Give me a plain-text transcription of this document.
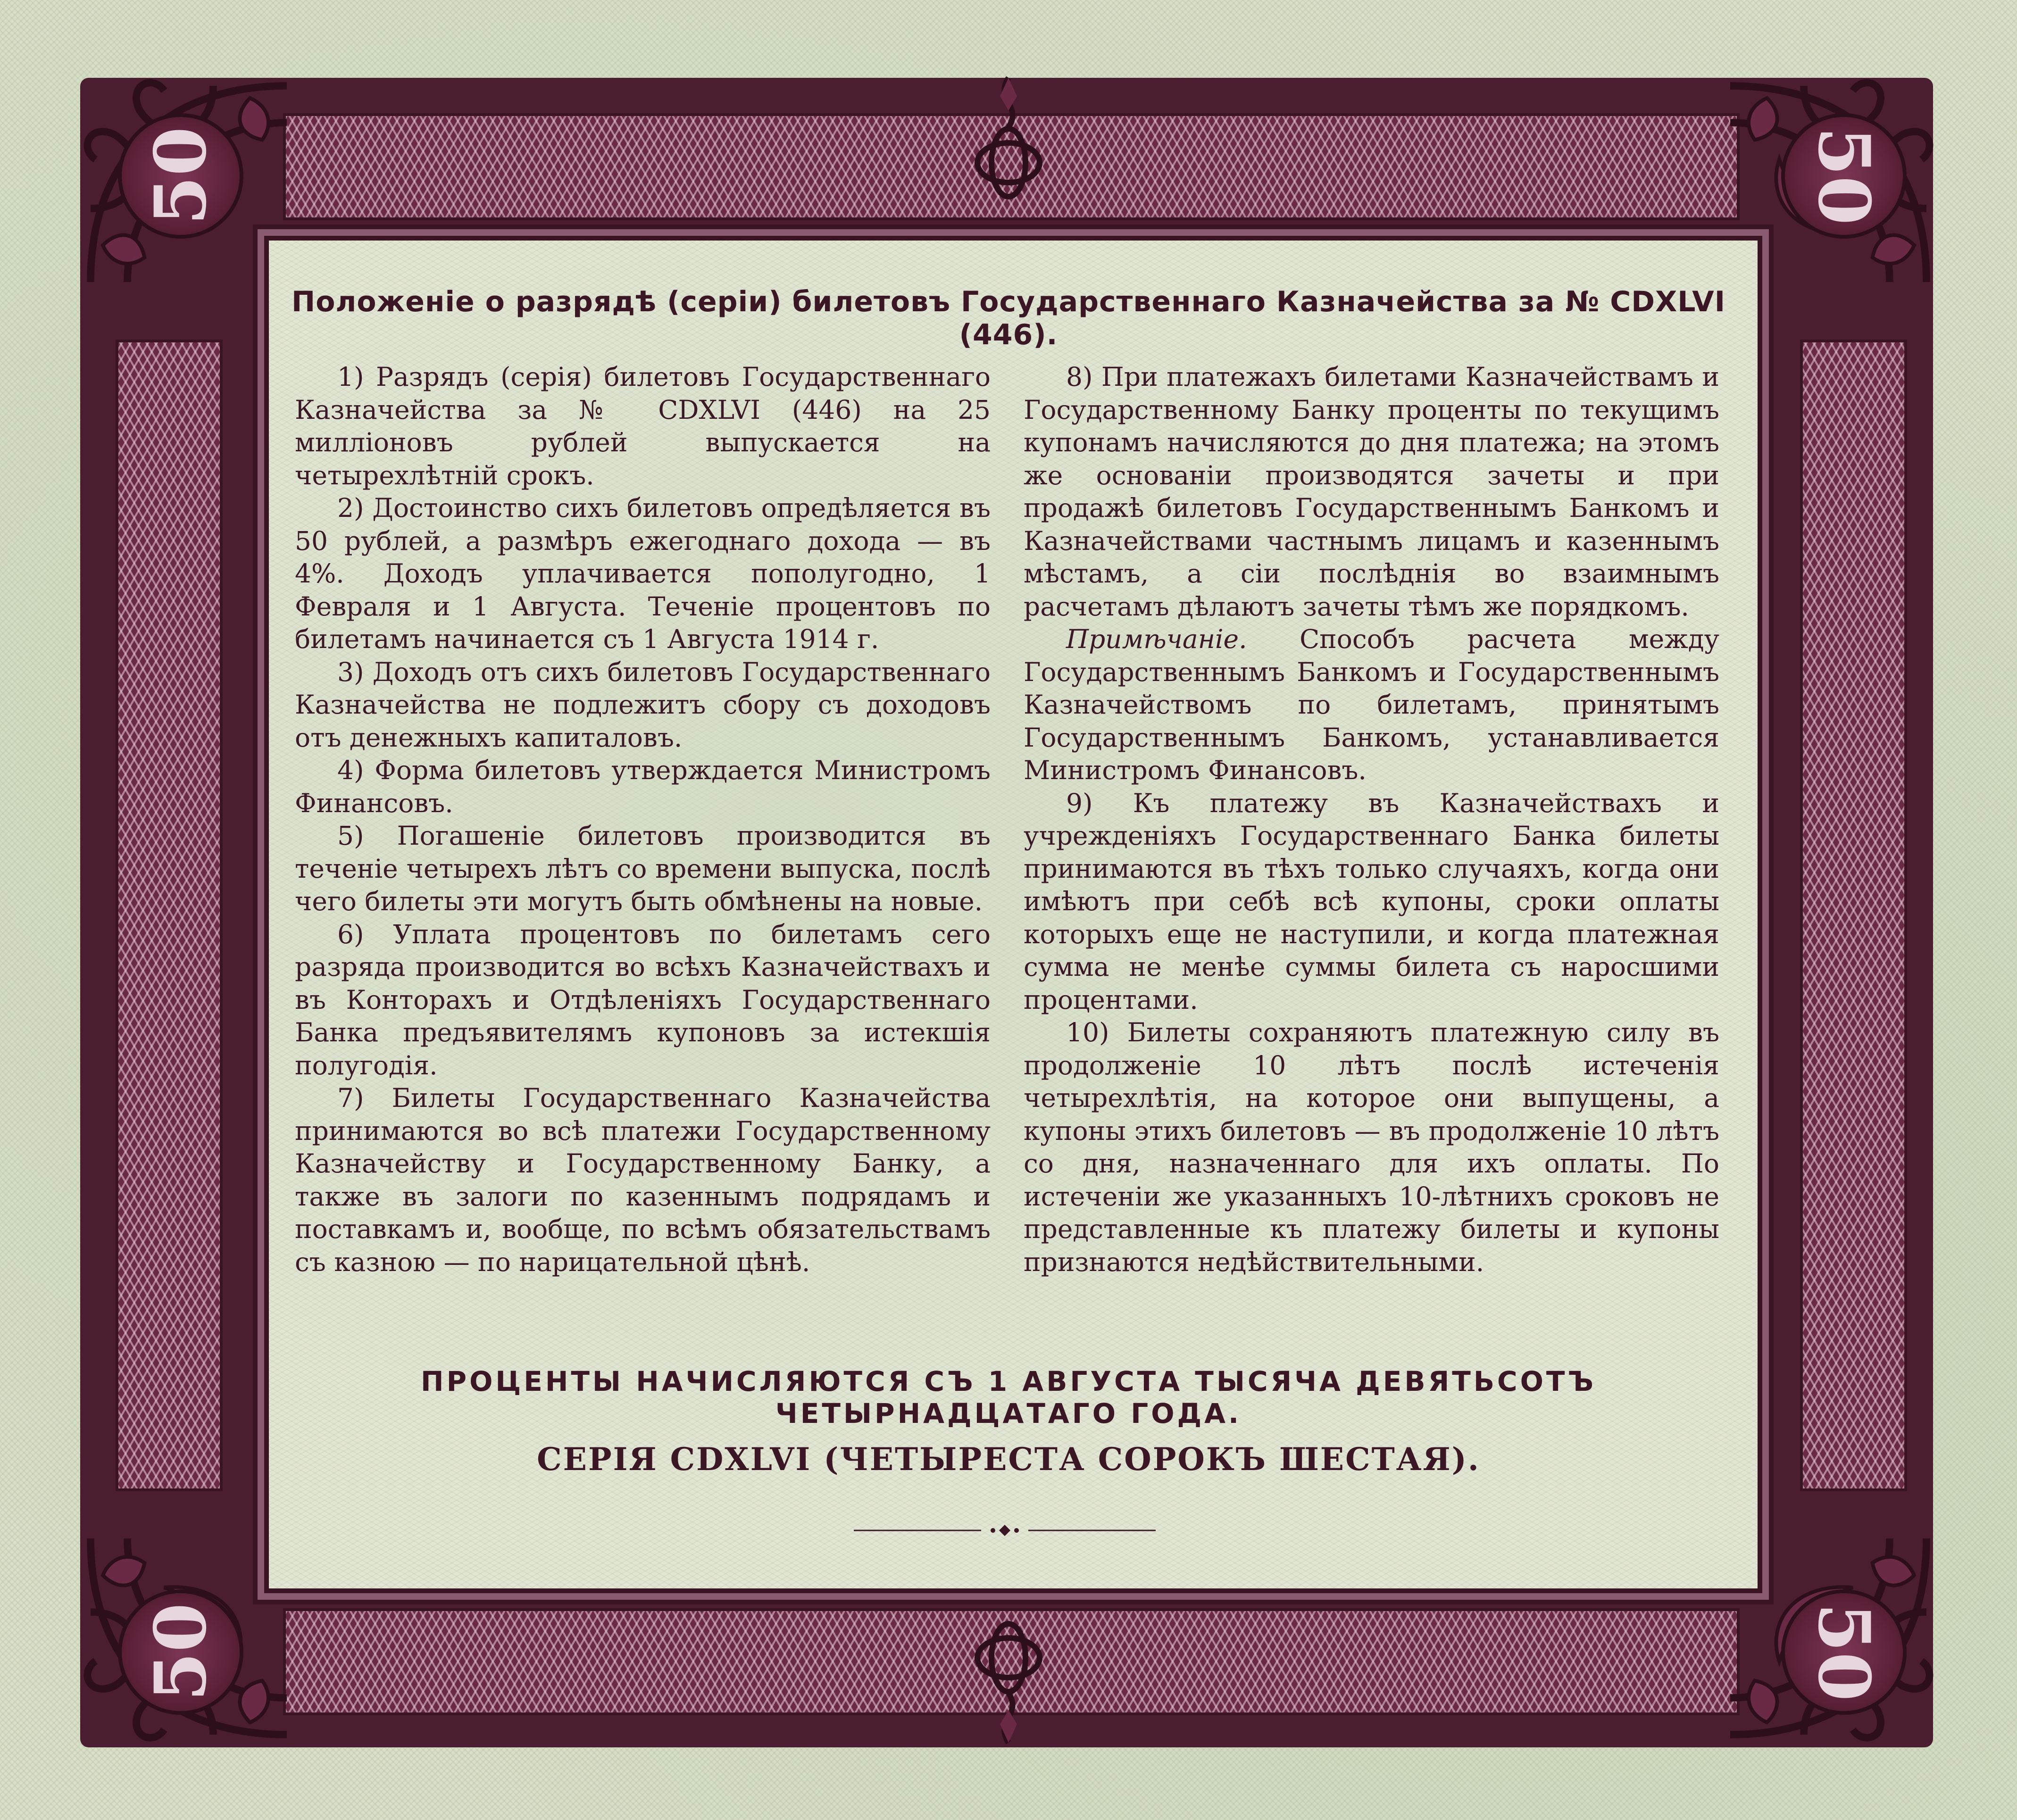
50	50
50	50
Положеніе о разрядѣ (серіи) билетовъ Государственнаго Казначейства за № CDXLVI (446).

1) Разрядъ (серія) билетовъ Государственнаго Казначейства за № CDXLVI (446) на 25 милліоновъ рублей выпускается на четырехлѣтній срокъ.

2) Достоинство сихъ билетовъ опредѣляется въ 50 рублей, а размѣръ ежегоднаго дохода — въ 4%. Доходъ уплачивается пополугодно, 1 Февраля и 1 Августа. Теченіе процентовъ по билетамъ начинается съ 1 Августа 1914 г.

3) Доходъ отъ сихъ билетовъ Государственнаго Казначейства не подлежитъ сбору съ доходовъ отъ денежныхъ капиталовъ.

4) Форма билетовъ утверждается Министромъ Финансовъ.

5) Погашеніе билетовъ производится въ теченіе четырехъ лѣтъ со времени выпуска, послѣ чего билеты эти могутъ быть обмѣнены на новые.

6) Уплата процентовъ по билетамъ сего разряда производится во всѣхъ Казначействахъ и въ Конторахъ и Отдѣленіяхъ Государственнаго Банка предъявителямъ купоновъ за истекшія полугодія.

7) Билеты Государственнаго Казначейства принимаются во всѣ платежи Государственному Казначейству и Государственному Банку, а также въ залоги по казеннымъ подрядамъ и поставкамъ и, вообще, по всѣмъ обязательствамъ съ казною — по нарицательной цѣнѣ.

8) При платежахъ билетами Казначействамъ и Государственному Банку проценты по текущимъ купонамъ начисляются до дня платежа; на этомъ же основаніи производятся зачеты и при продажѣ билетовъ Государственнымъ Банкомъ и Казначействами частнымъ лицамъ и казеннымъ мѣстамъ, а сіи послѣднія во взаимнымъ расчетамъ дѣлаютъ зачеты тѣмъ же порядкомъ.

Примѣчаніе. Способъ расчета между Государственнымъ Банкомъ и Государственнымъ Казначействомъ по билетамъ, принятымъ Государственнымъ Банкомъ, устанавливается Министромъ Финансовъ.

9) Къ платежу въ Казначействахъ и учрежденіяхъ Государственнаго Банка билеты принимаются въ тѣхъ только случаяхъ, когда они имѣютъ при себѣ всѣ купоны, сроки оплаты которыхъ еще не наступили, и когда платежная сумма не менѣе суммы билета съ наросшими процентами.

10) Билеты сохраняютъ платежную силу въ продолженіе 10 лѣтъ послѣ истеченія четырехлѣтія, на которое они выпущены, а купоны этихъ билетовъ — въ продолженіе 10 лѣтъ со дня, назначеннаго для ихъ оплаты. По истеченіи же указанныхъ 10-лѣтнихъ сроковъ не представленные къ платежу билеты и купоны признаются недѣйствительными.

ПРОЦЕНТЫ НАЧИСЛЯЮТСЯ СЪ 1 АВГУСТА ТЫСЯЧА ДЕВЯТЬСОТЪ ЧЕТЫРНАДЦАТАГО ГОДА.
СЕРІЯ CDXLVI (ЧЕТЫРЕСТА СОРОКЪ ШЕСТАЯ).
